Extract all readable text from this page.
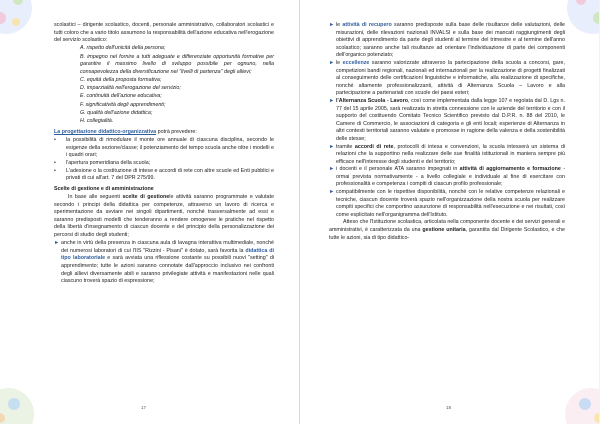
scolastici – dirigente scolastico, docenti, personale amministrativo, collaboratori scolastici e tutti coloro che a vario titolo assumono la responsabilità dell'azione educativa nell'erogazione del servizio scolastico:

A. rispetto dell'unicità della persona;

B. impegno nel fornire a tutti adeguate e differenziate opportunità formative per garantire il massimo livello di sviluppo possibile per ognuno, nella consapevolezza della diversificazione nei "livelli di partenza" degli allievi;

C. equità della proposta formativa;

D. imparzialità nell'erogazione del servizio;

E. continuità dell'azione educativa;

F. significatività degli apprendimenti;

G. qualità dell'azione didattica;

H. collegialità.

La progettazione didattico-organizzativa potrà prevedere:

•	la possibilità di rimodulare il monte ore annuale di ciascuna disciplina, secondo le esigenze della sezione/classe; il potenziamento del tempo scuola anche oltre i modelli e i quadri orari;
•	l'apertura pomeridiana della scuola;
•	L'adesione o la costituzione di intese e accordi di rete con altre scuole ed Enti pubblici e privati di cui all'art. 7 del DPR 275/99.

Scelte di gestione e di amministrazione

In base alle seguenti scelte di gestionele attività saranno programmate e valutate secondo i principi della didattica per competenze, attraverso un lavoro di ricerca e sperimentazione da avviare nei singoli dipartimenti, nonché trasversalmente ad essi e saranno predisposti modelli che tenderanno a rendere omogenee le pratiche nel rispetto della libertà d'insegnamento di ciascun docente e del principio della personalizzazione dei percorsi di studio degli studenti;

► anche in virtù della presenza in ciascuna aula di lavagna interattiva multimediale, nonché dei numerosi laboratori di cui l'IIS "Rizzini - Pisani" è dotato, sarà favorita la didattica di tipo laboratoriale e sarà avviata una riflessione costante su possibili nuovi "setting" di apprendimento; tutte le azioni saranno connotate dall'approccio inclusivo nei confronti degli allievi diversamente abili e saranno privilegiate attività e manifestazioni nelle quali ciascuno troverà spazio di espressione;
17
► le attività di recupero saranno predisposte sulla base delle risultanze delle valutazioni, delle misurazioni, delle rilevazioni nazionali INVALSI e sulla base dei mancati raggiungimenti degli obiettivi di apprendimento da parte degli studenti al termine del trimestre e al termine dell'anno scolastico; saranno anche tali risultanze ad orientare l'individuazione di parte dei componenti dell'organico potenziato;
► le eccellenze saranno valorizzate attraverso la partecipazione della scuola a concorsi, gare, competizioni bandi regionali, nazionali ed internazionali per la realizzazione di progetti finalizzati al conseguimento delle certificazioni linguistiche e informatiche, alla realizzazione di specifiche, nonché altamente professionalizzanti, attività di Alternanza Scuola – Lavoro e alla partecipazione a partenariati con scuole dei paesi esteri;
► l'Alternanza Scuola - Lavoro, così come implementata dalla legge 107 e regolata dal D. Lgs n. 77 del 15 aprile 2005, sarà realizzata in stretta connessione con le aziende del territorio e con il supporto del costituendo Comitato Tecnico Scientifico previsto dal D.P.R. n. 88 del 2010, le Camere di Commercio, le associazioni di categoria e gli enti locali; esperienze di Alternanza in altri contesti territoriali saranno valutate e promosse in ragione della valenza e della sostenibilità delle stesse;
► tramite accordi di rete, protocolli di intesa e convenzioni, la scuola intesserà un sistema di relazioni che la supportino nella realizzare delle sue finalità istituzionali in maniera sempre più efficace nell'interesse degli studenti e del territorio;
► i docenti e il personale ATA saranno impegnati in attività di aggiornamento e formazione - ormai prevista normativamente - a livello collegiale e individuale al fine di esercitare con professionalità e competenza i compiti di ciascun profilo professionale;
► compatibilmente con le rispettive disponibilità, nonché con le relative competenze relazionali e tecniche, ciascun docente troverà spazio nell'organizzazione della nostra scuola per realizzare compiti specifici che comportino assunzione di responsabilità nell'esecuzione e nei risultati, così come esplicitato nell'organigramma dell'Istituto.

Atteso che l'Istituzione scolastica, articolata nella componente docente e dei servizi generali e amministrativi, è caratterizzata da una gestione unitaria, garantita dal Dirigente Scolastico, e che tutte le azioni, sia di tipo didattico-

18
